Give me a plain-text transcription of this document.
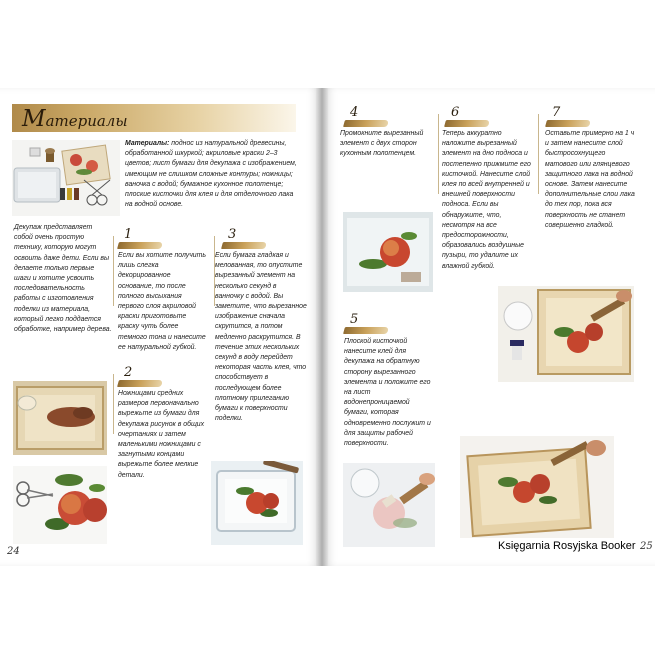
Материалы
Материалы: поднос из натуральной древесины, обработанной шкуркой; акриловые краски 2–3 цветов; лист бумаги для декупажа с изображением, имеющим не слишком сложные контуры; ножницы; ваночка с водой; бумажное кухонное полотенце; плоские кисточки для клея и для отделочного лака на водной основе.
Декупаж представляет собой очень простую технику, которую могут освоить даже дети. Если вы делаете только первые шаги и хотите усвоить последовательность работы с изготовления поделки из материала, который легко поддается обработке, например дерева.
1
Если вы хотите получить лишь слегка декорированное основание, то после полного высыхания первого слоя акриловой краски приготовьте краску чуть более темного тона и нанесите ее натуральной губкой.
3
Если бумага гладкая и мелованная, то опустите вырезанный элемент на несколько секунд в ванночку с водой. Вы заметите, что вырезанное изображение сначала скрутится, а потом медленно раскрутится. В течение этих нескольких секунд в воду перейдет некоторая часть клея, что способствует в последующем более плотному прилеганию бумаги к поверхности поделки.
2
Ножницами средних размеров первоначально вырежьте из бумаги для декупажа рисунок в общих очертаниях и затем маленькими ножницами с загнутыми концами вырежьте более мелкие детали.
4
Промокните вырезанный элемент с двух сторон кухонным полотенцем.
6
Теперь аккуратно наложите вырезанный элемент на дно подноса и постепенно прижмите его кисточкой. Нанесите слой клея по всей внутренней и внешней поверхности подноса. Если вы обнаружите, что, несмотря на все предосторожности, образовались воздушные пузыри, то удалите их влажной губкой.
7
Оставьте примерно на 1 ч и затем нанесите слой быстросохнущего матового или глянцевого защитного лака на водной основе. Затем нанесите дополнительные слои лака до тех пор, пока вся поверхность не станет совершенно гладкой.
5
Плоской кисточкой нанесите клей для декупажа на обратную сторону вырезанного элемента и положите его на лист водонепроницаемой бумаги, которая одновременно послужит и для защиты рабочей поверхности.
24	25
Księgarnia Rosyjska Booker
